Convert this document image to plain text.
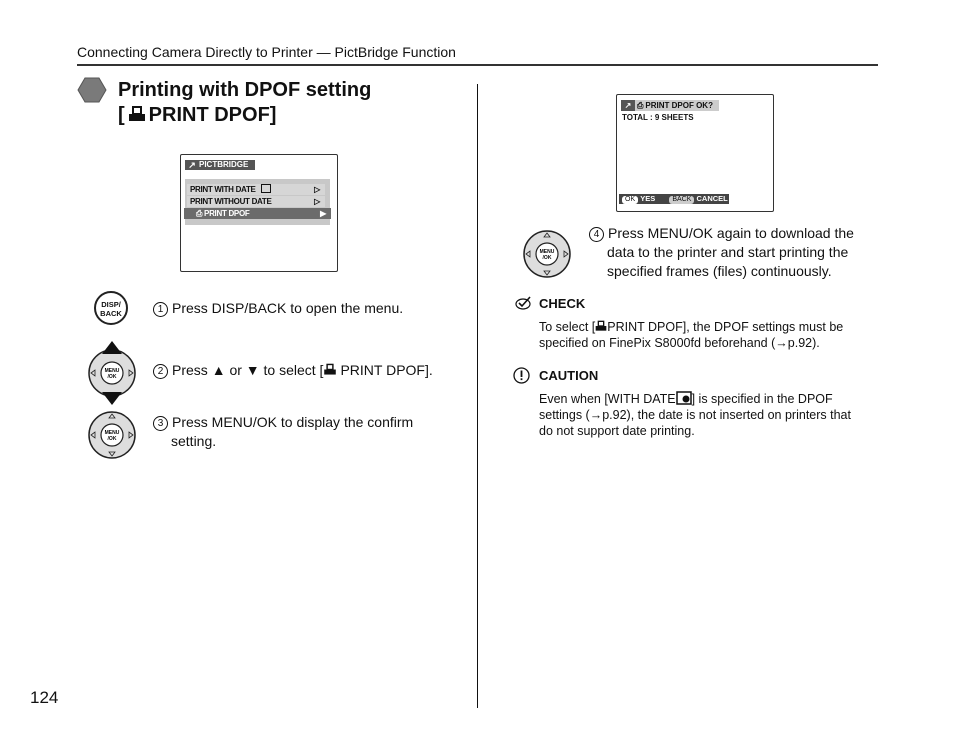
Connecting Camera Directly to Printer — PictBridge Function
124
Printing with DPOF setting
[ PRINT DPOF]
↗ PICTBRIDGE
PRINT WITH DATE	▷
PRINT WITHOUT DATE	▷
⎙ PRINT DPOF	▶
DISP/
BACK	1 Press DISP/BACK to open the menu.
MENU
/OK	2 Press ▲ or ▼ to select [ PRINT DPOF].
MENU
/OK
3 Press MENU/OK to display the confirm
setting.
↗ ⎙ PRINT DPOF OK?
TOTAL : 9 SHEETS
OK YES BACK CANCEL
MENU
/OK
4 Press MENU/OK again to download the
data to the printer and start printing the
specified frames (files) continuously.
CHECK
To select [ PRINT DPOF], the DPOF settings must be
specified on FinePix S8000fd beforehand (→p.92).
CAUTION
Even when [WITH DATE ] is specified in the DPOF
settings (→p.92), the date is not inserted on printers that
do not support date printing.
